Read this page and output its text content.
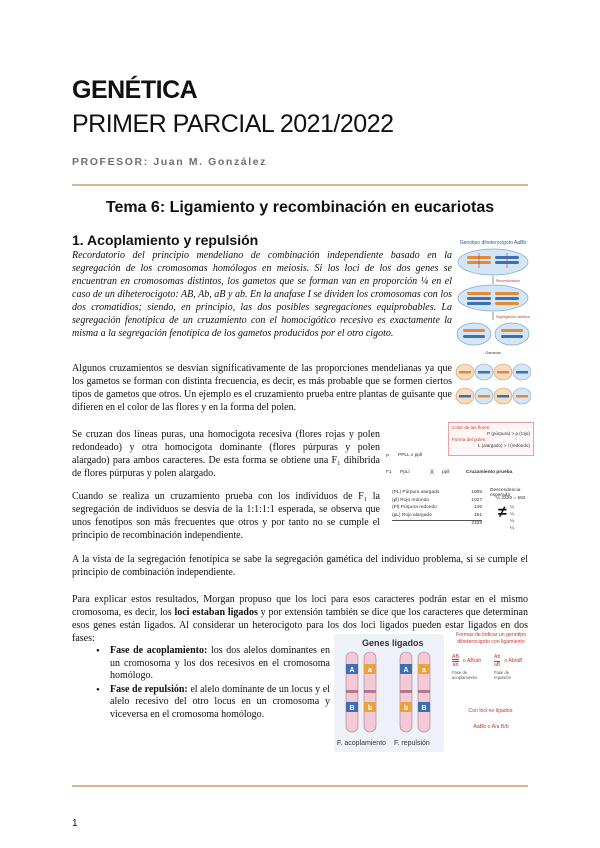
GENÉTICA
PRIMER PARCIAL 2021/2022
PROFESOR: Juan M. González
Tema 6: Ligamiento y recombinación en eucariotas
1. Acoplamiento y repulsión
Recordatorio del principio mendeliano de combinación independiente basado en la segregación de los cromosomas homólogos en meiosis. Si los loci de los dos genes se encuentran en cromosomas distintos, los gametos que se forman van en proporción ¼ en el caso de un diheterocigoto: AB, Ab, aB y ab. En la anafase I se dividen los cromosomas con los dos cromatidios; siendo, en principio, las dos posibles segregaciones equiprobables. La segregación fenotípica de un cruzamiento con el homocigótico recesivo es exactamente la misma a la segregación fenotípica de los gametos producidos por el otro cigoto.
Algunos cruzamientos se desvían significativamente de las proporciones mendelianas ya que los gametos se forman con distinta frecuencia, es decir, es más probable que se formen ciertos tipos de gametos que otros. Un ejemplo es el cruzamiento prueba entre plantas de guisante que difieren en el color de las flores y en la forma del polen.
Se cruzan dos líneas puras, una homocigota recesiva (flores rojas y polen redondeado) y otra homocigota dominante (flores púrpuras y polen alargado) para ambos caracteres. De esta forma se obtiene una F₁ dihíbrida de flores púrpuras y polen alargado.
Cuando se realiza un cruzamiento prueba con los individuos de F₁ la segregación de individuos se desvía de la 1:1:1:1 esperada, se observa que unos fenotipos son más frecuentes que otros y por tanto no se cumple el principio de recombinación independiente.
A la vista de la segregación fenotípica se sabe la segregación gamética del individuo problema, si se cumple el principio de combinación independiente.
Para explicar estos resultados, Morgan propuso que los loci para esos caracteres podrán estar en el mismo cromosoma, es decir, los loci estaban ligados y por extensión también se dice que los caracteres que determinan esos genes están ligados. Al considerar un heterocigoto para los dos loci ligados pueden estar ligados en dos fases:
• Fase de acoplamiento: los dos alelos dominantes en un cromosoma y los dos recesivos en el cromosoma homólogo.
• Fase de repulsión: el alelo dominante de un locus y el alelo recesivo del otro locus en un cromosoma y viceversa en el cromosoma homólogo.
Genotipo diheterocigoto AaBb
Recombinación
Segregación meiótica
Gametos
Color de las flores:
P (púrpura) > p (rojo)
Forma del polen:
L (alargado) > l (redondo)
P PPLL x ppll
F1 PpLl	X ppll	Cruzamiento prueba
Descendencia esperada
¼ 2329 = 582
(PL) Púrpura alargado	1005
(pl) Rojo redondo	1027
(Pl) Púrpura redondo	146
(pL) Rojo alargado	151
2329
≠ ¼
¼
¼
¼
Genes ligados
A
B
a
b
A
b
a
B
F. acoplamiento F. repulsión
Formas de indicar un genotipo
diheterocigoto con ligamiento
AB
ab
o AB/ab
Fase de
acoplamiento
Ab
aB
o Ab/aB
Fase de
repulsión
Con loci no ligados:
AaBb o A/a B/b
1
